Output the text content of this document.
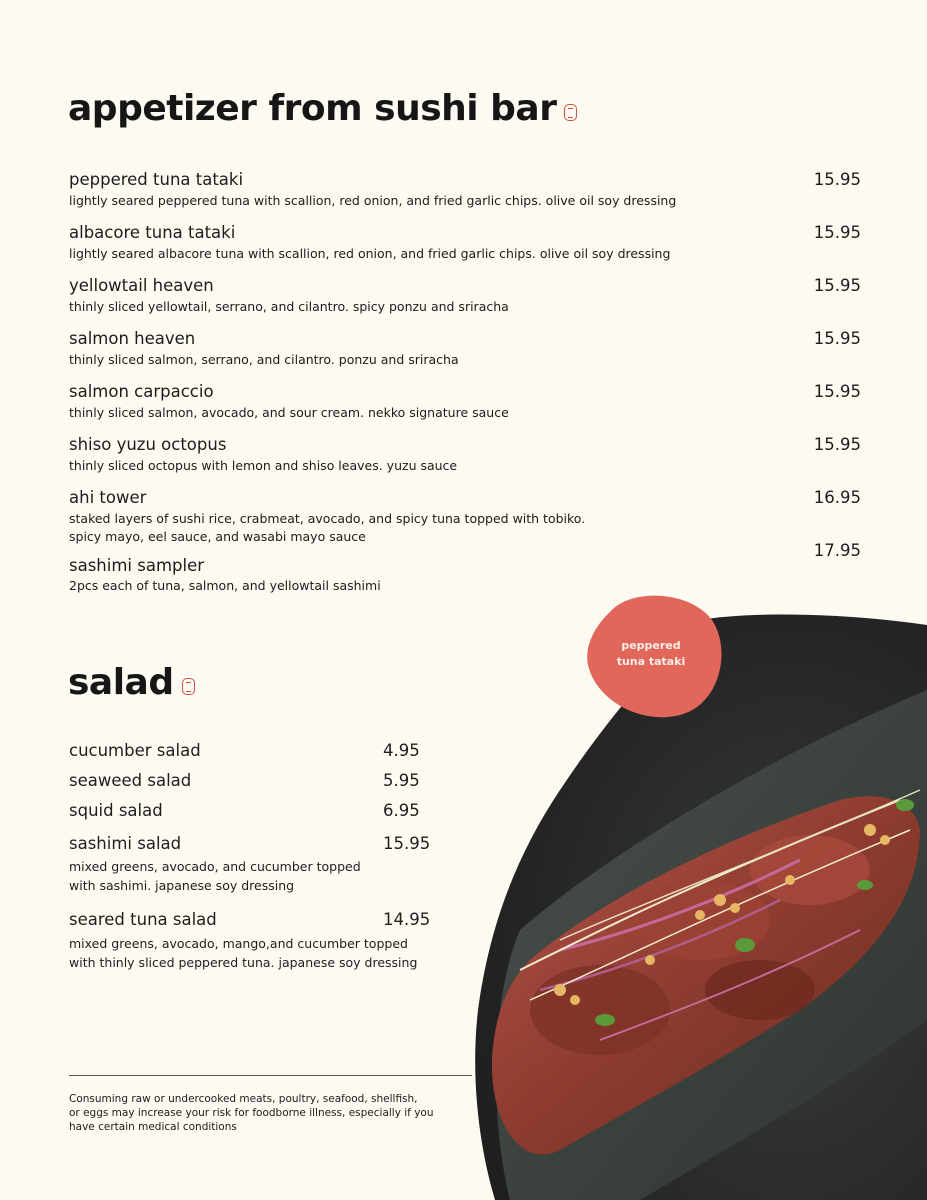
peppered
tuna tataki
appetizer from sushi bar
peppered tuna tataki
lightly seared peppered tuna with scallion, red onion, and fried garlic chips. olive oil soy dressing
15.95
albacore tuna tataki
lightly seared albacore tuna with scallion, red onion, and fried garlic chips. olive oil soy dressing
15.95
yellowtail heaven
thinly sliced yellowtail, serrano, and cilantro. spicy ponzu and sriracha
15.95
salmon heaven
thinly sliced salmon, serrano, and cilantro. ponzu and sriracha
15.95
salmon carpaccio
thinly sliced salmon, avocado, and sour cream. nekko signature sauce
15.95
shiso yuzu octopus
thinly sliced octopus with lemon and shiso leaves. yuzu sauce
15.95
ahi tower
staked layers of sushi rice, crabmeat, avocado, and spicy tuna topped with tobiko.
spicy mayo, eel sauce, and wasabi mayo sauce
16.95
sashimi sampler
2pcs each of tuna, salmon, and yellowtail sashimi
17.95
salad
cucumber salad	4.95
seaweed salad	5.95
squid salad	6.95
sashimi salad	15.95
mixed greens, avocado, and cucumber topped
with sashimi. japanese soy dressing
seared tuna salad	14.95
mixed greens, avocado, mango,and cucumber topped
with thinly sliced peppered tuna. japanese soy dressing
Consuming raw or undercooked meats, poultry, seafood, shellfish,
or eggs may increase your risk for foodborne illness, especially if you
have certain medical conditions
